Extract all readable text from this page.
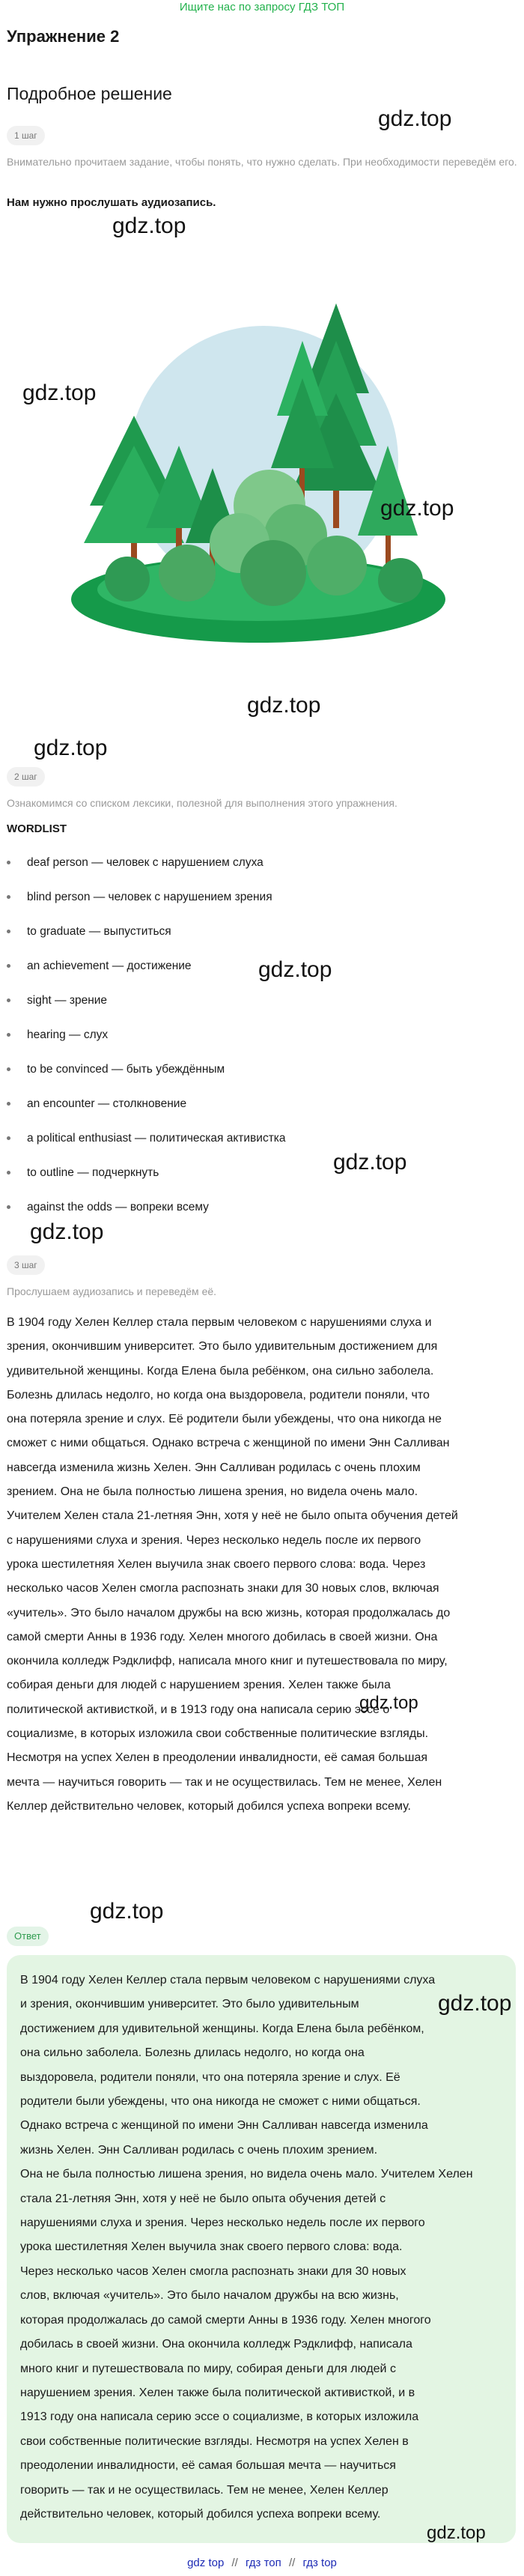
Ищите нас по запросу ГДЗ ТОП
Упражнение 2
Подробное решение
1 шаг
gdz.top
Внимательно прочитаем задание, чтобы понять, что нужно сделать. При необходимости переведём его.
Нам нужно прослушать аудиозапись.
gdz.top
gdz.top
gdz.top
gdz.top
gdz.top
2 шаг
Ознакомимся со списком лексики, полезной для выполнения этого упражнения.
WORDLIST
deaf person — человек с нарушением слуха
blind person — человек с нарушением зрения
to graduate — выпуститься
an achievement — достижение
sight — зрение
hearing — слух
to be convinced — быть убеждённым
an encounter — столкновение
a political enthusiast — политическая активистка
to outline — подчеркнуть
against the odds — вопреки всему
gdz.top
gdz.top
gdz.top
3 шаг
Прослушаем аудиозапись и переведём её.
В 1904 году Хелен Келлер стала первым человеком с нарушениями слуха и
зрения, окончившим университет. Это было удивительным достижением для
удивительной женщины. Когда Елена была ребёнком, она сильно заболела.
Болезнь длилась недолго, но когда она выздоровела, родители поняли, что
она потеряла зрение и слух. Её родители были убеждены, что она никогда не
сможет с ними общаться. Однако встреча с женщиной по имени Энн Салливан
навсегда изменила жизнь Хелен. Энн Салливан родилась с очень плохим
зрением. Она не была полностью лишена зрения, но видела очень мало.
Учителем Хелен стала 21-летняя Энн, хотя у неё не было опыта обучения детей
с нарушениями слуха и зрения. Через несколько недель после их первого
урока шестилетняя Хелен выучила знак своего первого слова: вода. Через
несколько часов Хелен смогла распознать знаки для 30 новых слов, включая
«учитель». Это было началом дружбы на всю жизнь, которая продолжалась до
самой смерти Анны в 1936 году. Хелен многого добилась в своей жизни. Она
окончила колледж Рэдклифф, написала много книг и путешествовала по миру,
собирая деньги для людей с нарушением зрения. Хелен также была
политической активисткой, и в 1913 году она написала серию эссе о
социализме, в которых изложила свои собственные политические взгляды.
Несмотря на успех Хелен в преодолении инвалидности, её самая большая
мечта — научиться говорить — так и не осуществилась. Тем не менее, Хелен
Келлер действительно человек, который добился успеха вопреки всему.
gdz.top
gdz.top
Ответ
В 1904 году Хелен Келлер стала первым человеком с нарушениями слуха
и зрения, окончившим университет. Это было удивительным
достижением для удивительной женщины. Когда Елена была ребёнком,
она сильно заболела. Болезнь длилась недолго, но когда она
выздоровела, родители поняли, что она потеряла зрение и слух. Её
родители были убеждены, что она никогда не сможет с ними общаться.
Однако встреча с женщиной по имени Энн Салливан навсегда изменила
жизнь Хелен. Энн Салливан родилась с очень плохим зрением.
Она не была полностью лишена зрения, но видела очень мало. Учителем Хелен
стала 21-летняя Энн, хотя у неё не было опыта обучения детей с
нарушениями слуха и зрения. Через несколько недель после их первого
урока шестилетняя Хелен выучила знак своего первого слова: вода.
Через несколько часов Хелен смогла распознать знаки для 30 новых
слов, включая «учитель». Это было началом дружбы на всю жизнь,
которая продолжалась до самой смерти Анны в 1936 году. Хелен многого
добилась в своей жизни. Она окончила колледж Рэдклифф, написала
много книг и путешествовала по миру, собирая деньги для людей с
нарушением зрения. Хелен также была политической активисткой, и в
1913 году она написала серию эссе о социализме, в которых изложила
свои собственные политические взгляды. Несмотря на успех Хелен в
преодолении инвалидности, её самая большая мечта — научиться
говорить — так и не осуществилась. Тем не менее, Хелен Келлер
действительно человек, который добился успеха вопреки всему.
gdz.top
gdz.top
gdz top // гдз топ // гдз top
